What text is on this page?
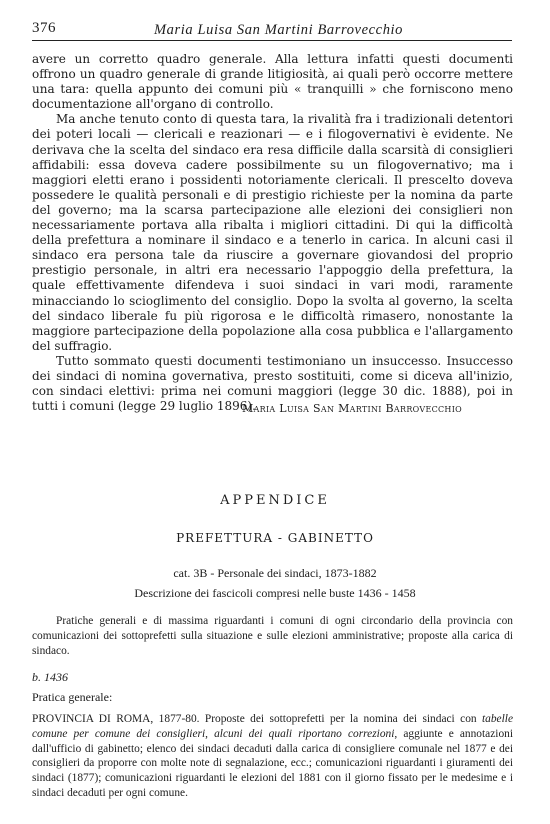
376	Maria Luisa San Martini Barrovecchio

avere un corretto quadro generale. Alla lettura infatti questi documenti offrono un quadro generale di grande litigiosità, ai quali però occorre mettere una tara: quella appunto dei comuni più « tranquilli » che forniscono meno documentazione all'organo di controllo.

Ma anche tenuto conto di questa tara, la rivalità fra i tradizionali detentori dei poteri locali — clericali e reazionari — e i filogovernativi è evidente. Ne derivava che la scelta del sindaco era resa difficile dalla scarsità di consiglieri affidabili: essa doveva cadere possibilmente su un filogovernativo; ma i maggiori eletti erano i possidenti notoriamente clericali. Il prescelto doveva possedere le qualità personali e di prestigio richieste per la nomina da parte del governo; ma la scarsa partecipazione alle elezioni dei consiglieri non necessariamente portava alla ribalta i migliori cittadini. Di qui la difficoltà della prefettura a nominare il sindaco e a tenerlo in carica. In alcuni casi il sindaco era persona tale da riuscire a governare giovandosi del proprio prestigio personale, in altri era necessario l'appoggio della prefettura, la quale effettivamente difendeva i suoi sindaci in vari modi, raramente minacciando lo scioglimento del consiglio. Dopo la svolta al governo, la scelta del sindaco liberale fu più rigorosa e le difficoltà rimasero, nonostante la maggiore partecipazione della popolazione alla cosa pubblica e l'allargamento del suffragio.

Tutto sommato questi documenti testimoniano un insuccesso. Insuccesso dei sindaci di nomina governativa, presto sostituiti, come si diceva all'inizio, con sindaci elettivi: prima nei comuni maggiori (legge 30 dic. 1888), poi in tutti i comuni (legge 29 luglio 1896).

Maria Luisa San Martini Barrovecchio
APPENDICE
PREFETTURA - GABINETTO
cat. 3B - Personale dei sindaci, 1873-1882
Descrizione dei fascicoli compresi nelle buste 1436 - 1458

Pratiche generali e di massima riguardanti i comuni di ogni circondario della provincia con comunicazioni dei sottoprefetti sulla situazione e sulle elezioni amministrative; proposte alla carica di sindaco.

b. 1436
Pratica generale:

PROVINCIA DI ROMA, 1877-80. Proposte dei sottoprefetti per la nomina dei sindaci con tabelle comune per comune dei consiglieri, alcuni dei quali riportano correzioni, aggiunte e annotazioni dall'ufficio di gabinetto; elenco dei sindaci decaduti dalla carica di consigliere comunale nel 1877 e dei consiglieri da proporre con molte note di segnalazione, ecc.; comunicazioni riguardanti i giuramenti dei sindaci (1877); comunicazioni riguardanti le elezioni del 1881 con il giorno fissato per le medesime e i sindaci decaduti per ogni comune.
